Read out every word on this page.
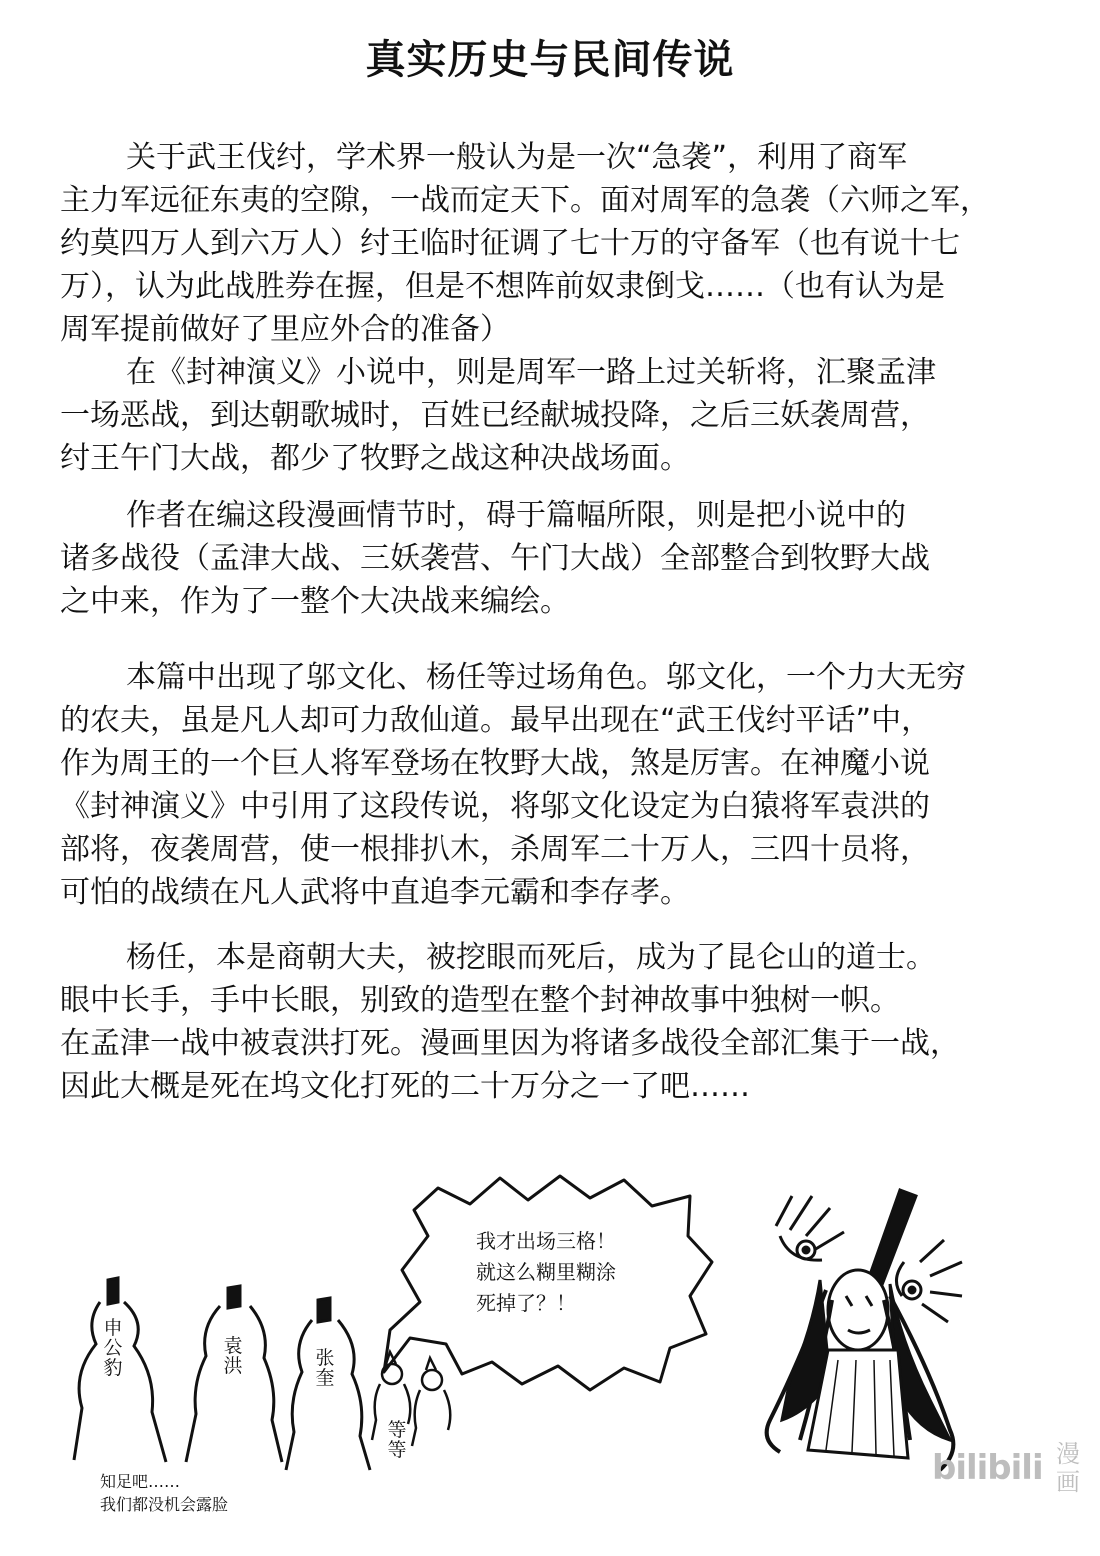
真实历史与民间传说
关于武王伐纣，学术界一般认为是一次“急袭”，利用了商军
主力军远征东夷的空隙，一战而定天下。面对周军的急袭（六师之军，
约莫四万人到六万人）纣王临时征调了七十万的守备军（也有说十七
万），认为此战胜券在握，但是不想阵前奴隶倒戈……（也有认为是
周军提前做好了里应外合的准备）
在《封神演义》小说中，则是周军一路上过关斩将，汇聚孟津
一场恶战，到达朝歌城时，百姓已经献城投降，之后三妖袭周营，
纣王午门大战，都少了牧野之战这种决战场面。
作者在编这段漫画情节时，碍于篇幅所限，则是把小说中的
诸多战役（孟津大战、三妖袭营、午门大战）全部整合到牧野大战
之中来，作为了一整个大决战来编绘。
本篇中出现了邬文化、杨任等过场角色。邬文化，一个力大无穷
的农夫，虽是凡人却可力敌仙道。最早出现在“武王伐纣平话”中，
作为周王的一个巨人将军登场在牧野大战，煞是厉害。在神魔小说
《封神演义》中引用了这段传说，将邬文化设定为白猿将军袁洪的
部将，夜袭周营，使一根排扒木，杀周军二十万人，三四十员将，
可怕的战绩在凡人武将中直追李元霸和李存孝。
杨任，本是商朝大夫，被挖眼而死后，成为了昆仑山的道士。
眼中长手，手中长眼，别致的造型在整个封神故事中独树一帜。
在孟津一战中被袁洪打死。漫画里因为将诸多战役全部汇集于一战，
因此大概是死在坞文化打死的二十万分之一了吧……
我才出场三格！
就这么糊里糊涂
死掉了？！
申公豹
袁洪	张奎
等等
知足吧……
我们都没机会露脸
bilibili 漫画
